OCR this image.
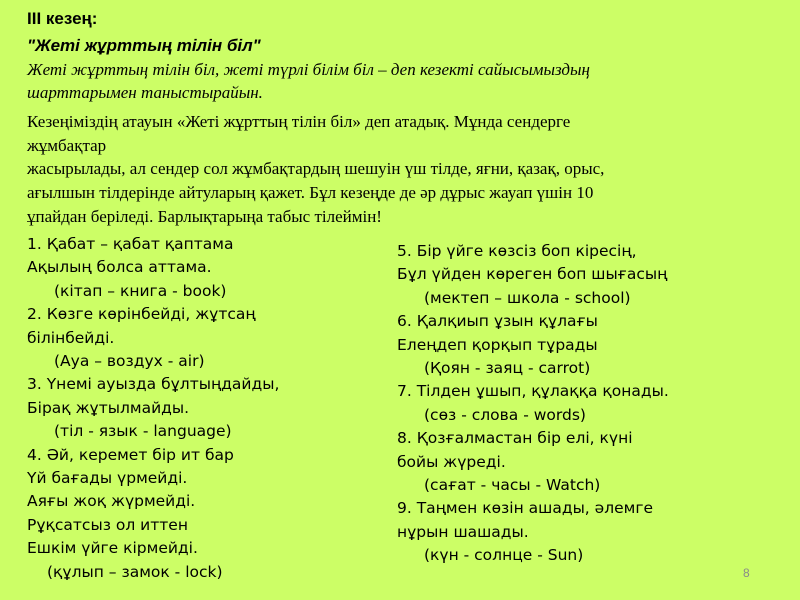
III кезең:
"Жеті жұрттың тілін біл"
Жеті жұрттың тілін біл, жеті түрлі білім біл – деп кезекті сайысымыздың
шарттарымен таныстырайын.
Кезеңіміздің атауын «Жеті жұрттың тілін біл» деп атадық. Мұнда сендерге
жұмбақтар
жасырылады, ал сендер сол жұмбақтардың шешуін үш тілде, яғни, қазақ, орыс,
ағылшын тілдерінде айтуларың қажет. Бұл кезеңде де әр дұрыс жауап үшін 10
ұпайдан беріледі. Барлықтарыңа табыс тілеймін!
1. Қабат – қабат қаптама
Ақылың болса аттама.
(кітап – книга - book)
2. Көзге көрінбейді, жұтсаң
білінбейді.
(Ауа – воздух - air)
3. Үнемі ауызда бұлтыңдайды,
Бірақ жұтылмайды.
(тіл - язык - language)
4. Әй, керемет бір ит бар
Үй бағады үрмейді.
Аяғы жоқ жүрмейді.
Рұқсатсыз ол иттен
Ешкім үйге кірмейді.
(құлып – замок - lock)
5. Бір үйге көзсіз боп кіресің,
Бұл үйден көреген боп шығасың
(мектеп – школа - school)
6. Қалқиып ұзын құлағы
Елеңдеп қорқып тұрады
(Қоян - заяц - carrot)
7. Тілден ұшып, құлаққа қонады.
(сөз - слова - words)
8. Қозғалмастан бір елі, күні
бойы жүреді.
(сағат - часы - Watch)
9. Таңмен көзін ашады, әлемге
нұрын шашады.
(күн - солнце - Sun)
8
